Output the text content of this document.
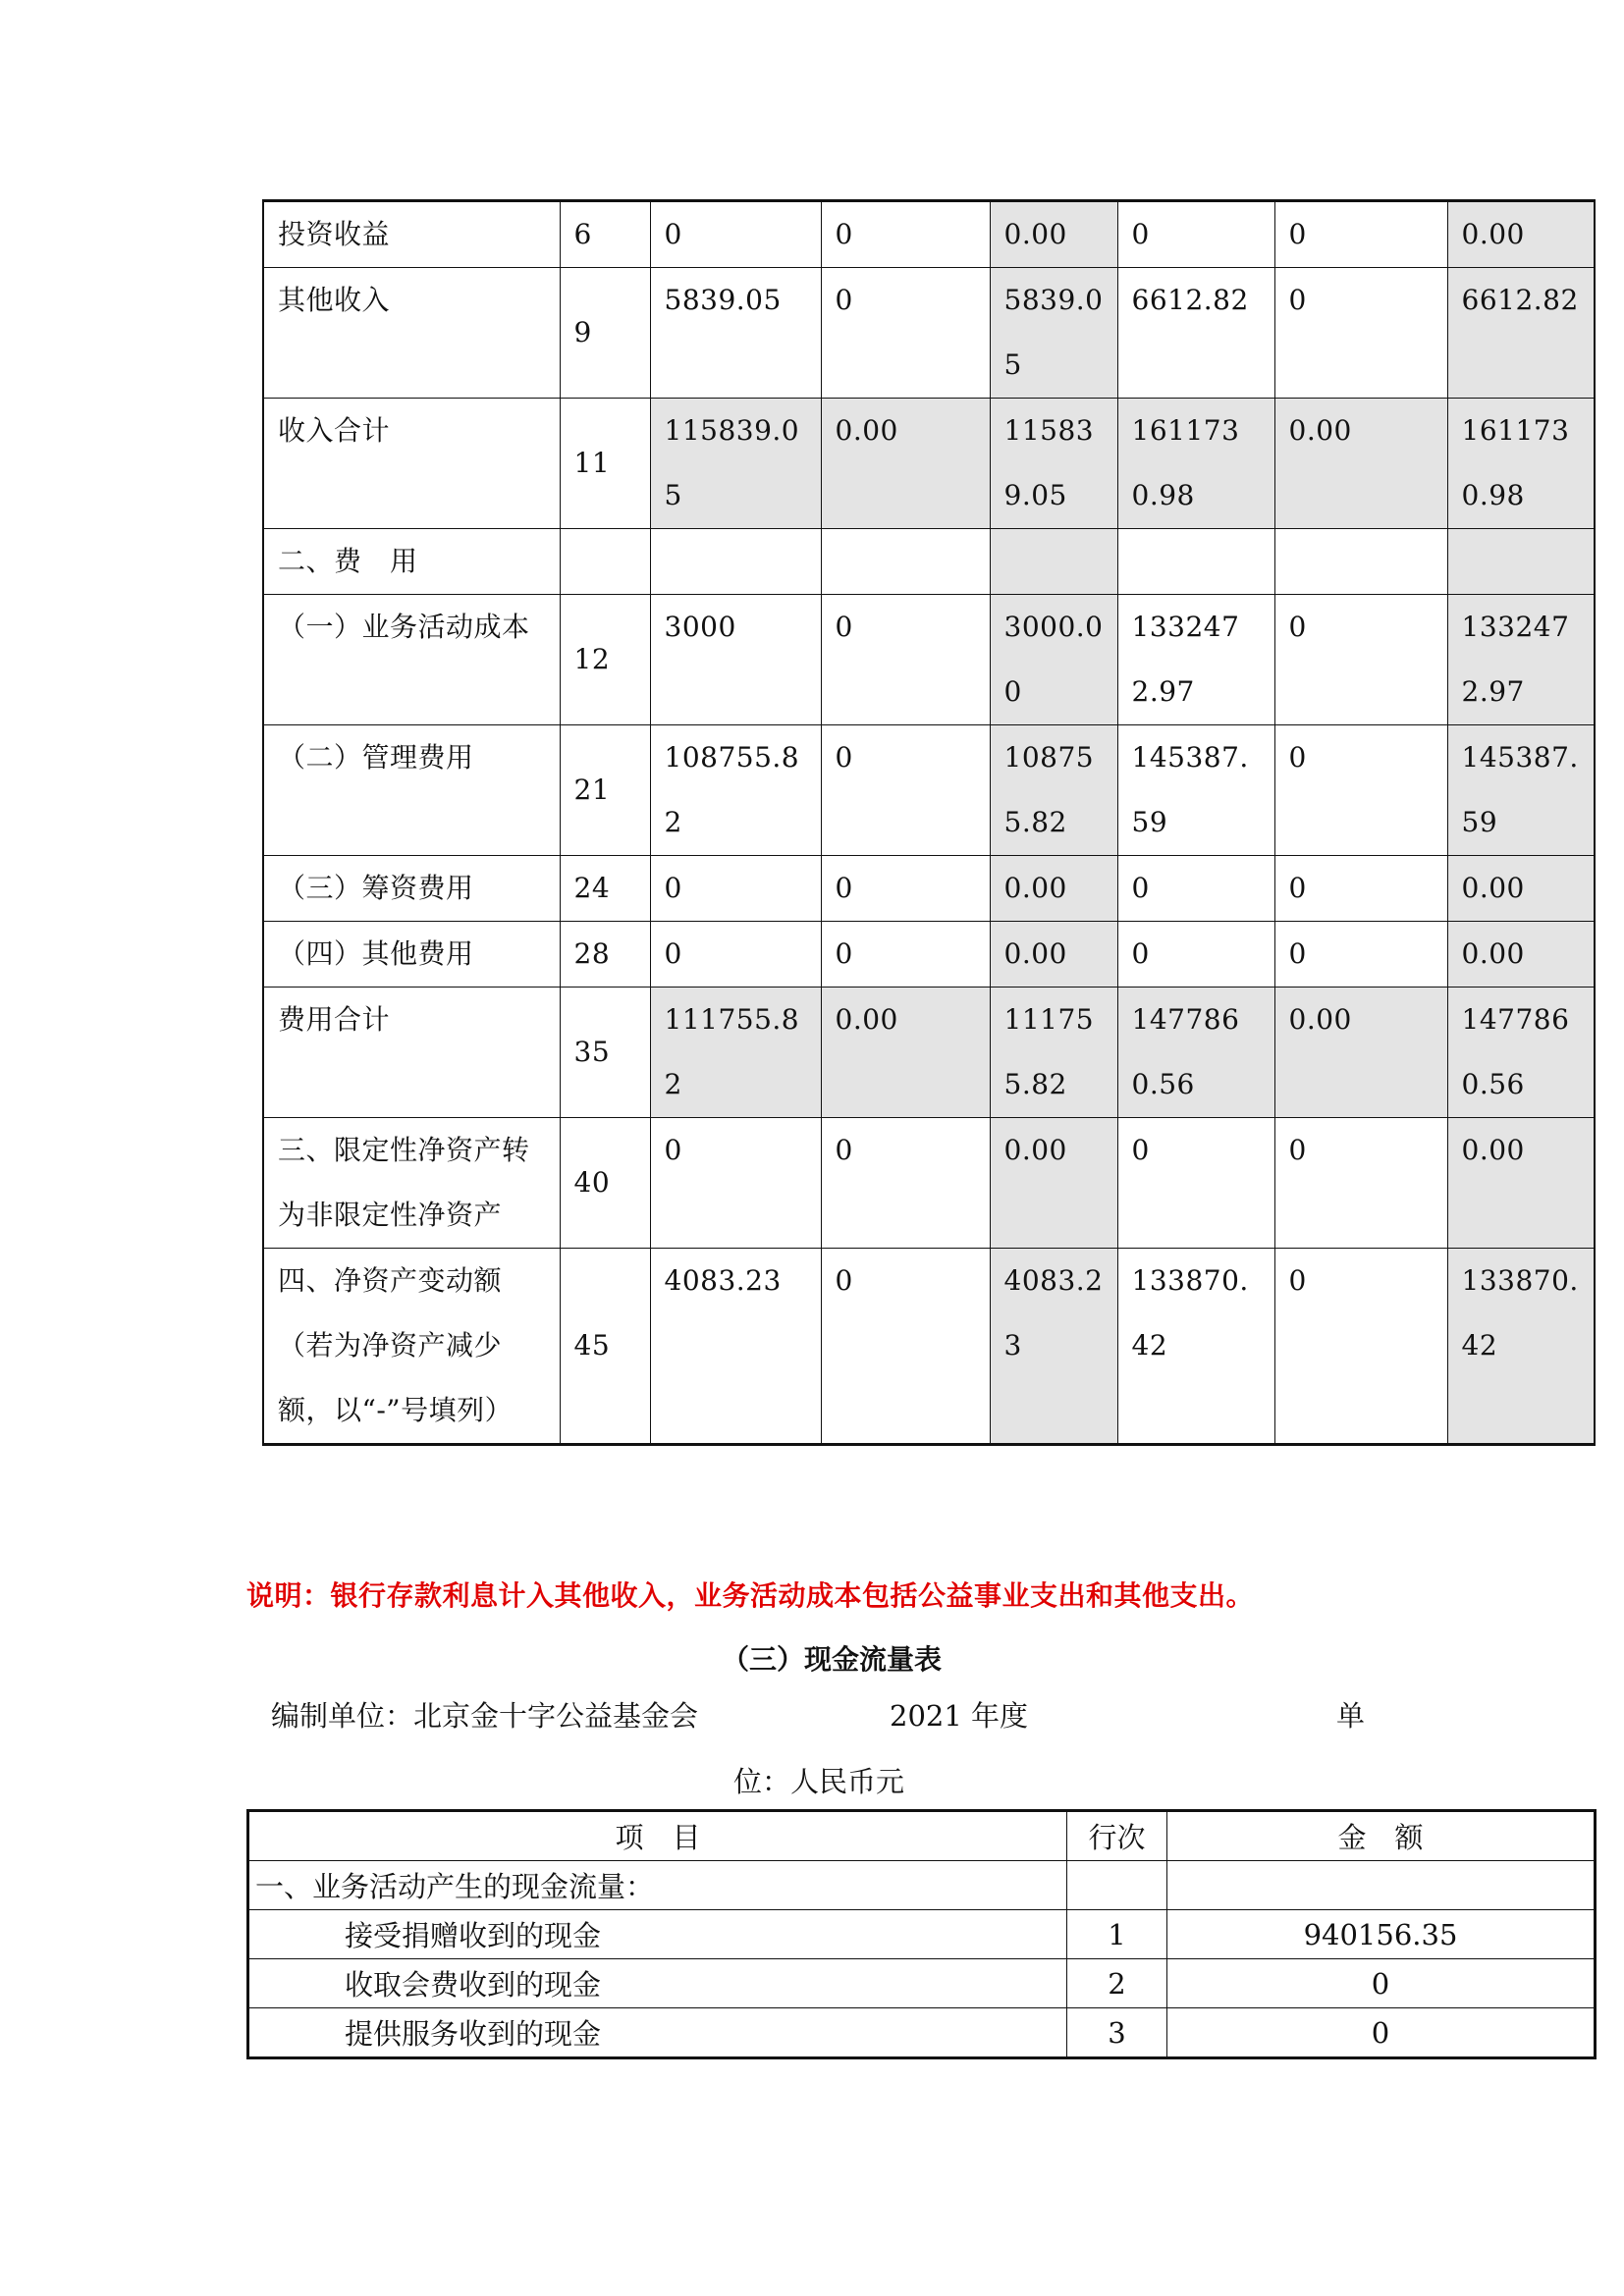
投资收益	6	0	0	0.00	0	0	0.00
其他收入	9	5839.05	0	5839.05	6612.82	0	6612.82
收入合计	11	115839.05	0.00	115839.05	1611730.98	0.00	1611730.98
二、费　用							
（一）业务活动成本	12	3000	0	3000.00	1332472.97	0	1332472.97
（二）管理费用	21	108755.82	0	108755.82	145387.59	0	145387.59
（三）筹资费用	24	0	0	0.00	0	0	0.00
（四）其他费用	28	0	0	0.00	0	0	0.00
费用合计	35	111755.82	0.00	111755.82	1477860.56	0.00	1477860.56
三、限定性净资产转为非限定性净资产	40	0	0	0.00	0	0	0.00
四、净资产变动额（若为净资产减少额，以“-”号填列）	45	4083.23	0	4083.23	133870.42	0	133870.42
说明：银行存款利息计入其他收入，业务活动成本包括公益事业支出和其他支出。
（三）现金流量表
编制单位：北京金十字公益基金会	2021 年度	单
位：人民币元
项　目	行次	金　额
一、业务活动产生的现金流量：		
接受捐赠收到的现金	1	940156.35
收取会费收到的现金	2	0
提供服务收到的现金	3	0
